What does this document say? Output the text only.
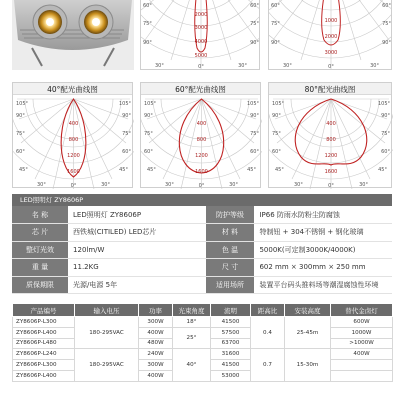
60°
75°
90°
60°
75°
90°
2000
3000
4000
5000
30°	0°	30°
60°
75°
90°
60°
75°
90°
1000
2000
3000
30°	0°	30°
40°配光曲线图
105°
90°
75°
60°
45°
105°
90°
75°
60°
45°
400
800
1200
1600
30°	0°	30°
60°配光曲线图
105°
90°
75°
60°
45°
105°
90°
75°
60°
45°
400
800
1200
1600
30°	0°	30°
80°配光曲线图
105°
90°
75°
60°
45°
105°
90°
75°
60°
45°
400
800
1200
1600
30°	0°	30°
LED照明灯 ZY8606P
名 称	LED照明灯 ZY8606P	防护等级	IP66 防雨水防粉尘防腐蚀
芯 片	西铁城(CITILED) LED芯片	材 料	特制钮 + 304不锈钢 + 钢化玻璃
整灯光效	120lm/W	色 温	5000K(可定制3000K/4000K)
重 量	11.2KG	尺 寸	602 mm × 300mm × 250 mm
质保期限	光源/电源 5年	适用场所	装置平台码头推料场等潮湿腐蚀性环境
产品编号	输入电压	功率	光束角度	流明	距高比	安装高度	替代金卤灯
ZY8606P-L300	180-295VAC	300W	18°	41500	0.4	25-45m	600W
ZY8606P-L400		400W	25°	57500			1000W
ZY8606P-L480		480W		63700			>1000W
ZY8606P-L240	180-295VAC	240W	40°	31600	0.7	15-30m	400W
ZY8606P-L300		300W		41500			
ZY8606P-L400		400W		53000			
